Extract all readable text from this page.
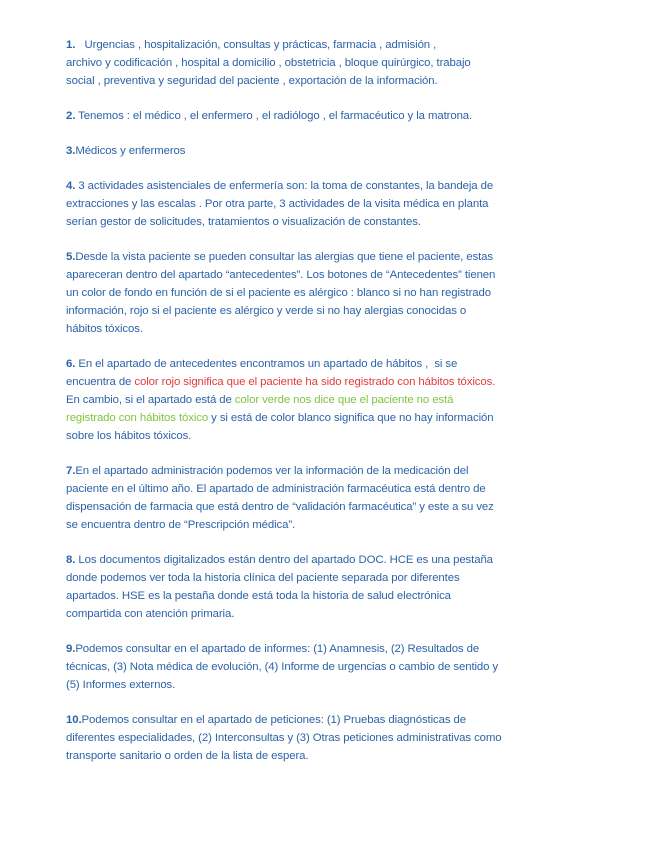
1.   Urgencias , hospitalización, consultas y prácticas, farmacia , admisión ,

archivo y codificación , hospital a domicilio , obstetricia , bloque quirúrgico, trabajo

social , preventiva y seguridad del paciente , exportación de la información.

2. Tenemos : el médico , el enfermero , el radiólogo , el farmacéutico y la matrona.

3.Médicos y enfermeros

4. 3 actividades asistenciales de enfermería son: la toma de constantes, la bandeja de

extracciones y las escalas . Por otra parte, 3 actividades de la visita médica en planta

serían gestor de solicitudes, tratamientos o visualización de constantes.

5.Desde la vista paciente se pueden consultar las alergias que tiene el paciente, estas

apareceran dentro del apartado “antecedentes”. Los botones de “Antecedentes” tienen

un color de fondo en función de si el paciente es alérgico : blanco si no han registrado

información, rojo si el paciente es alérgico y verde si no hay alergias conocidas o

hábitos tóxicos.

6. En el apartado de antecedentes encontramos un apartado de hábitos ,  si se

encuentra de color rojo significa que el paciente ha sido registrado con hábitos tóxicos.

En cambio, si el apartado está de color verde nos dice que el paciente no está

registrado con hábitos tóxico y si está de color blanco significa que no hay información

sobre los hábitos tóxicos.

7.En el apartado administración podemos ver la información de la medicación del

paciente en el último año. El apartado de administración farmacéutica está dentro de

dispensación de farmacia que está dentro de “validación farmacéutica” y este a su vez

se encuentra dentro de “Prescripción médica”.

8. Los documentos digitalizados están dentro del apartado DOC. HCE es una pestaña

donde podemos ver toda la historia clínica del paciente separada por diferentes

apartados. HSE es la pestaña donde está toda la historia de salud electrónica

compartida con atención primaria.

9.Podemos consultar en el apartado de informes: (1) Anamnesis, (2) Resultados de

técnicas, (3) Nota médica de evolución, (4) Informe de urgencias o cambio de sentido y

(5) Informes externos.

10.Podemos consultar en el apartado de peticiones: (1) Pruebas diagnósticas de

diferentes especialidades, (2) Interconsultas y (3) Otras peticiones administrativas como

transporte sanitario o orden de la lista de espera.
